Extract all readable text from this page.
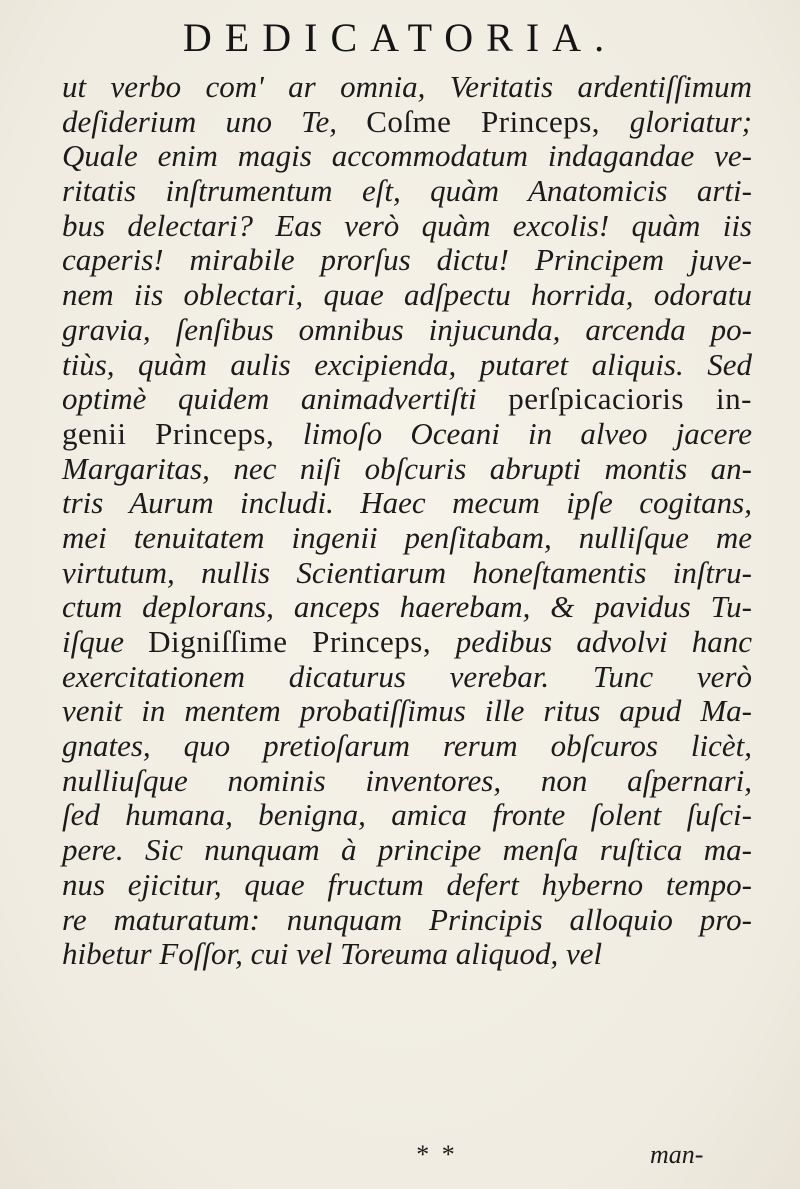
DEDICATORIA.
ut verbo com' ar omnia, Veritatis ardentiſſimum
deſiderium uno Te, Coſme Princeps, gloriatur;
Quale enim magis accommodatum indagandae ve-
ritatis inſtrumentum eſt, quàm Anatomicis arti-
bus delectari? Eas verò quàm excolis! quàm iis
caperis! mirabile prorſus dictu! Principem juve-
nem iis oblectari, quae adſpectu horrida, odoratu
gravia, ſenſibus omnibus injucunda, arcenda po-
tiùs, quàm aulis excipienda, putaret aliquis. Sed
optimè quidem animadvertiſti perſpicacioris in-
genii Princeps, limoſo Oceani in alveo jacere
Margaritas, nec niſi obſcuris abrupti montis an-
tris Aurum includi. Haec mecum ipſe cogitans,
mei tenuitatem ingenii penſitabam, nulliſque me
virtutum, nullis Scientiarum honeſtamentis inſtru-
ctum deplorans, anceps haerebam, & pavidus Tu-
iſque Digniſſime Princeps, pedibus advolvi hanc
exercitationem dicaturus verebar. Tunc verò
venit in mentem probatiſſimus ille ritus apud Ma-
gnates, quo pretioſarum rerum obſcuros licèt,
nulliuſque nominis inventores, non aſpernari,
ſed humana, benigna, amica fronte ſolent ſuſci-
pere. Sic nunquam à principe menſa ruſtica ma-
nus ejicitur, quae fructum defert hyberno tempo-
re maturatum: nunquam Principis alloquio pro-
hibetur Foſſor, cui vel Toreuma aliquod, vel
* *	man-
